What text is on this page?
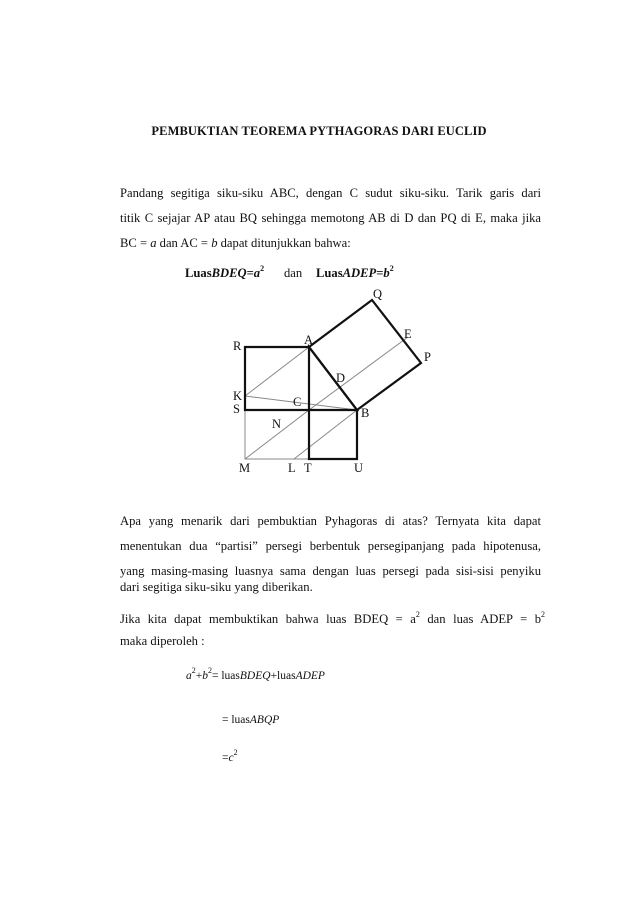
PEMBUKTIAN TEOREMA PYTHAGORAS DARI EUCLID
Pandang segitiga siku-siku ABC, dengan C sudut siku-siku. Tarik garis dari
titik C sejajar AP atau BQ sehingga memotong AB di D dan PQ di E, maka jika
BC = a dan AC = b dapat ditunjukkan bahwa:
$LuasBDEQ=a^2$ dan $LuasADEP=b^2$
Q
E
P
A
R
D
K
S	C
B
N
M	L T	U
Apa yang menarik dari pembuktian Pyhagoras di atas? Ternyata kita dapat
menentukan dua “partisi” persegi berbentuk persegipanjang pada hipotenusa,
yang masing-masing luasnya sama dengan luas persegi pada sisi-sisi penyiku
dari segitiga siku-siku yang diberikan.
Jika kita dapat membuktikan bahwa luas BDEQ = $a^2$ dan luas ADEP = $b^2$
maka diperoleh :
$a^2+b^2=$ luasBDEQ+luasADEP
= luasABQP
$=c^2$
